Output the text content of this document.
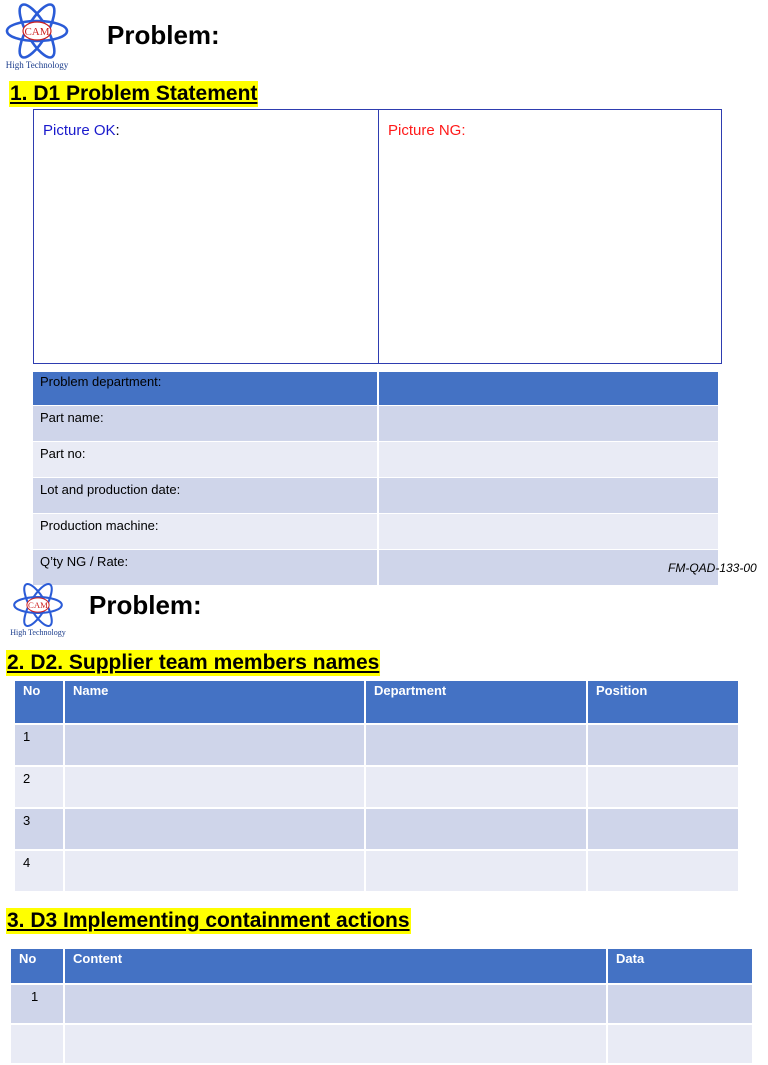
CAM
High Technology
Problem:
1. D1 Problem Statement
Picture OK:	Picture NG:
Problem department:	
Part name:	
Part no:	
Lot and production date:	
Production machine:	
Q’ty NG / Rate:		FM-QAD-133-00
CAM
High Technology
Problem:
2. D2. Supplier team members names
No	Name	Department	Position
1			
2			
3			
4			
3. D3 Implementing containment actions
No	Content	Data
1		
